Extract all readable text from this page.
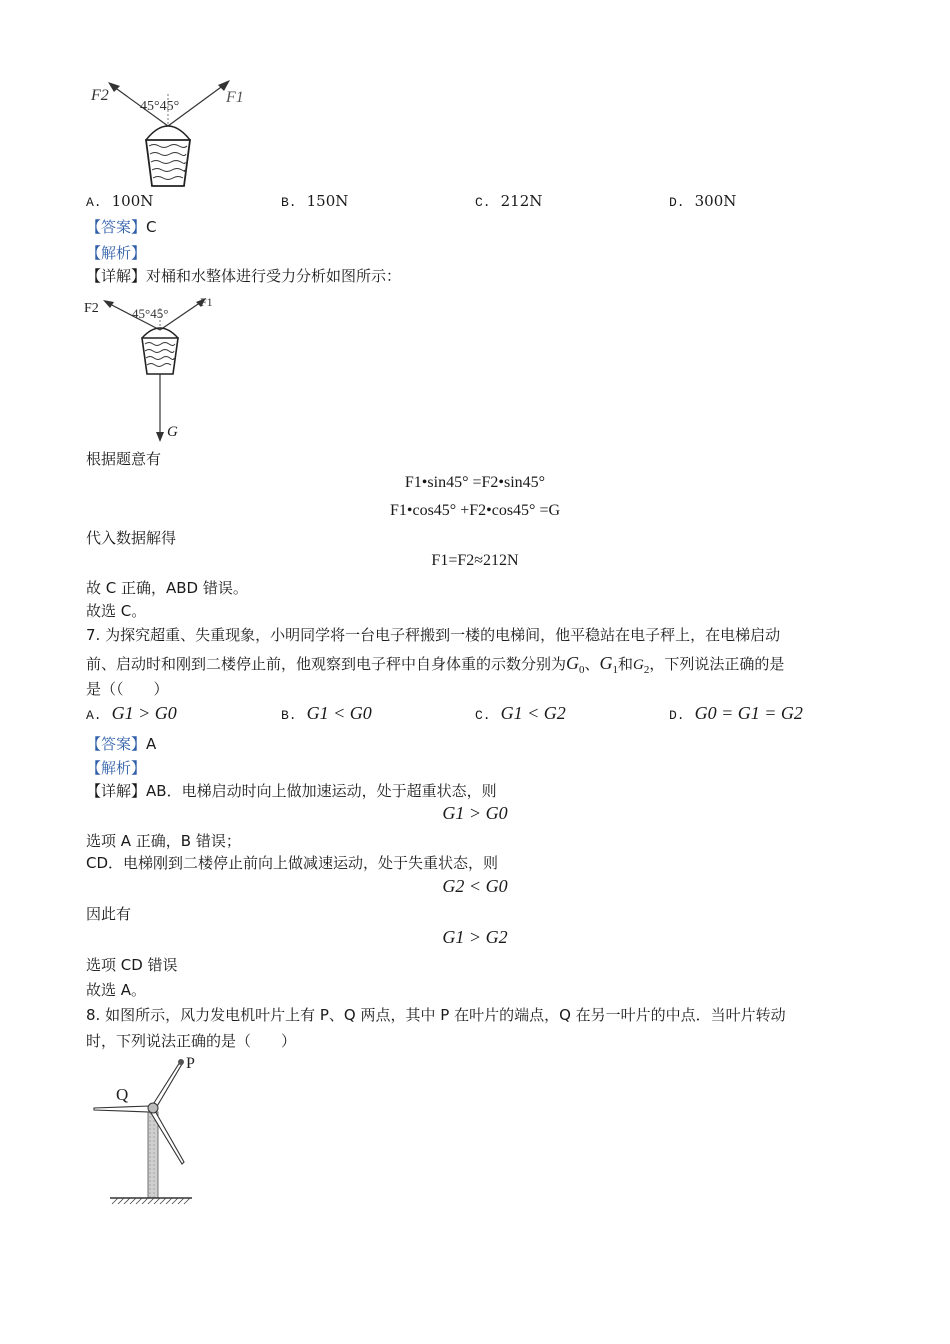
F2	F1
45°45°
A. 100N	B. 150N	C. 212N	D. 300N
【答案】C
【解析】
【详解】对桶和水整体进行受力分析如图所示：
F2	F1
45°45°
G
根据题意有
F1•sin45° =F2•sin45°
F1•cos45° +F2•cos45° =G
代入数据解得
F1=F2≈212N
故 C 正确，ABD 错误。
故选 C。
7. 为探究超重、失重现象，小明同学将一台电子秤搬到一楼的电梯间，他平稳站在电子秤上，在电梯启动
前、启动时和刚到二楼停止前，他观察到电子秤中自身体重的示数分别为$G_0$、$G_1$和$G_2$，下列说法正确的是
是（（　　）
A. G1 > G0	B. G1 < G0	C. G1 < G2	D. G0 = G1 = G2
【答案】A
【解析】
【详解】AB．电梯启动时向上做加速运动，处于超重状态，则
G1 > G0
选项 A 正确，B 错误；
CD．电梯刚到二楼停止前向上做减速运动，处于失重状态，则
G2 < G0
因此有
G1 > G2
选项 CD 错误
故选 A。
8. 如图所示，风力发电机叶片上有 P、Q 两点，其中 P 在叶片的端点，Q 在另一叶片的中点．当叶片转动
时，下列说法正确的是（　　）
P
Q
